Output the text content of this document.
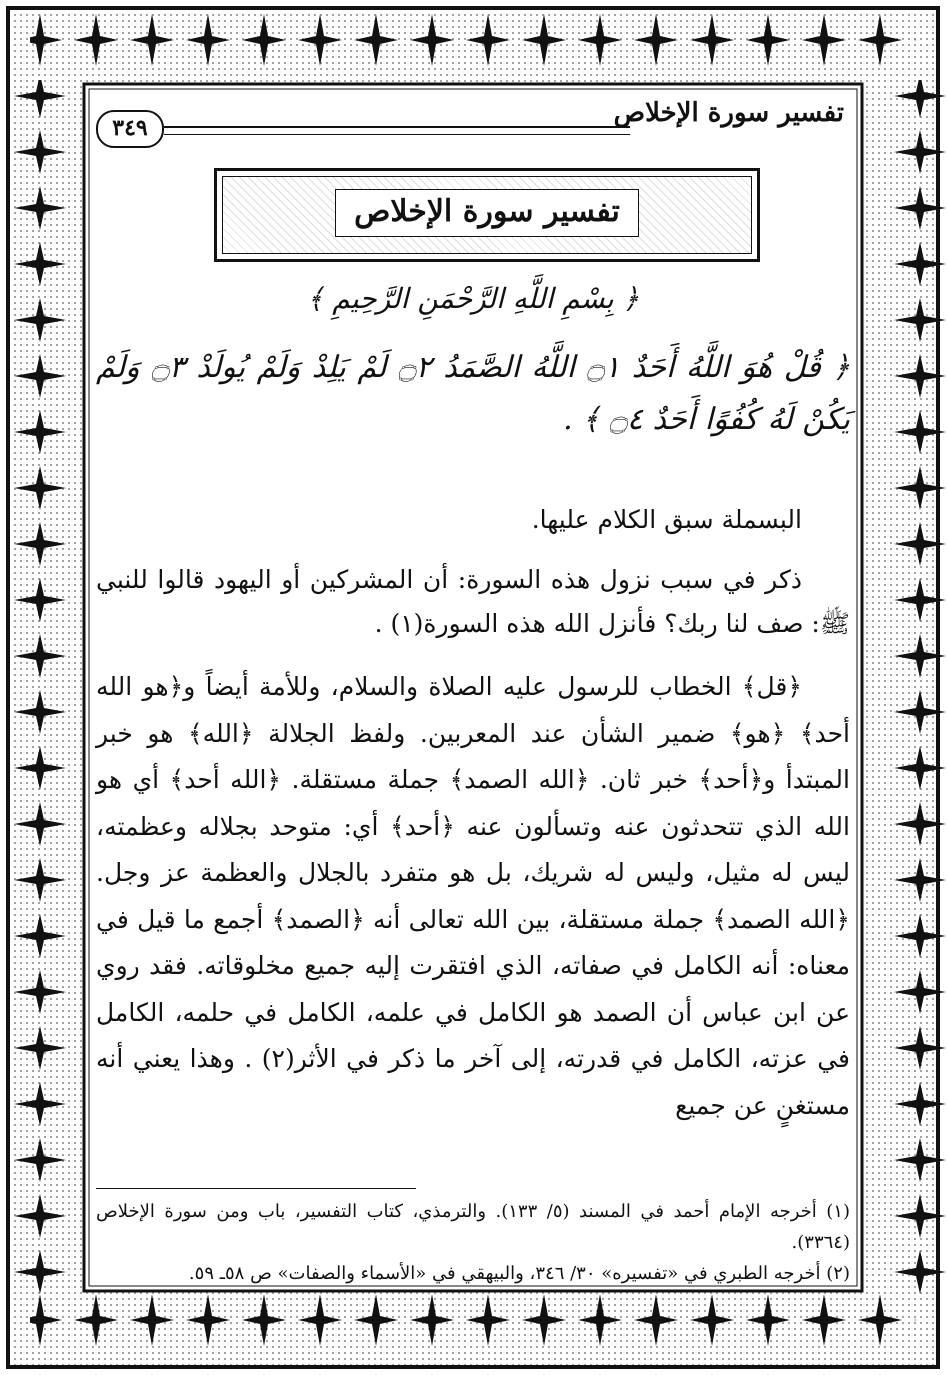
تفسير سورة الإخلاص
٣٤٩
تفسير سورة الإخلاص
﴿ بِسْمِ اللَّهِ الرَّحْمَنِ الرَّحِيمِ ﴾
﴿ قُلْ هُوَ اللَّهُ أَحَدٌ ۝١ اللَّهُ الصَّمَدُ ۝٢ لَمْ يَلِدْ وَلَمْ يُولَدْ ۝٣ وَلَمْ يَكُنْ لَهُ كُفُوًا أَحَدٌ ۝٤ ﴾ .
البسملة سبق الكلام عليها.
ذكر في سبب نزول هذه السورة: أن المشركين أو اليهود قالوا للنبي ﷺ: صف لنا ربك؟ فأنزل الله هذه السورة(١) .
﴿قل﴾ الخطاب للرسول عليه الصلاة والسلام، وللأمة أيضاً و﴿هو الله أحد﴾ ﴿هو﴾ ضمير الشأن عند المعربين. ولفظ الجلالة ﴿الله﴾ هو خبر المبتدأ و﴿أحد﴾ خبر ثان. ﴿الله الصمد﴾ جملة مستقلة. ﴿الله أحد﴾ أي هو الله الذي تتحدثون عنه وتسألون عنه ﴿أحد﴾ أي: متوحد بجلاله وعظمته، ليس له مثيل، وليس له شريك، بل هو متفرد بالجلال والعظمة عز وجل. ﴿الله الصمد﴾ جملة مستقلة، بين الله تعالى أنه ﴿الصمد﴾ أجمع ما قيل في معناه: أنه الكامل في صفاته، الذي افتقرت إليه جميع مخلوقاته. فقد روي عن ابن عباس أن الصمد هو الكامل في علمه، الكامل في حلمه، الكامل في عزته، الكامل في قدرته، إلى آخر ما ذكر في الأثر(٢) . وهذا يعني أنه مستغنٍ عن جميع

(١) أخرجه الإمام أحمد في المسند (٥/ ١٣٣). والترمذي، كتاب التفسير، باب ومن سورة الإخلاص (٣٣٦٤).

(٢) أخرجه الطبري في «تفسيره» ٣٠/ ٣٤٦، والبيهقي في «الأسماء والصفات» ص ٥٨ـ ٥٩.
